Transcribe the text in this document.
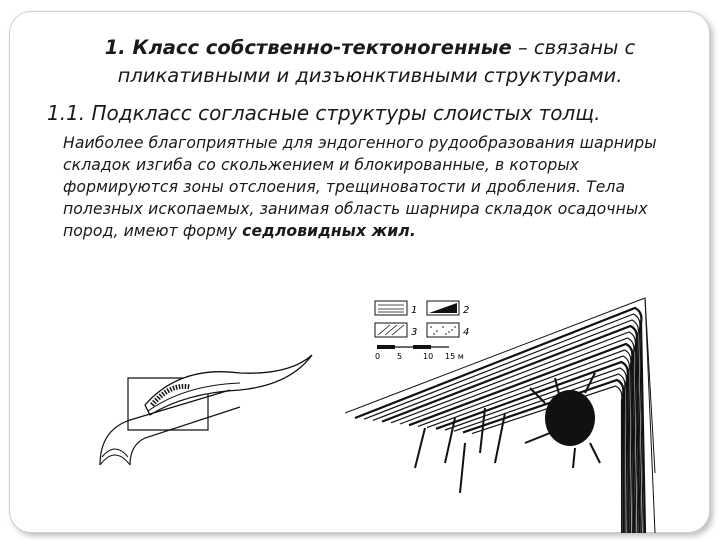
1. Класс собственно-тектоногенные – связаны с пликативными и дизъюнктивными структурами.
1.1. Подкласс согласные структуры слоистых толщ.
Наиболее благоприятные для эндогенного рудообразования шарниры складок изгиба со скольжением и блокированные, в которых формируются зоны отслоения, трещиноватости и дробления. Тела полезных ископаемых, занимая область шарнира складок осадочных пород, имеют форму седловидных жил.
1	2
3	4
0 5	10 15 м
